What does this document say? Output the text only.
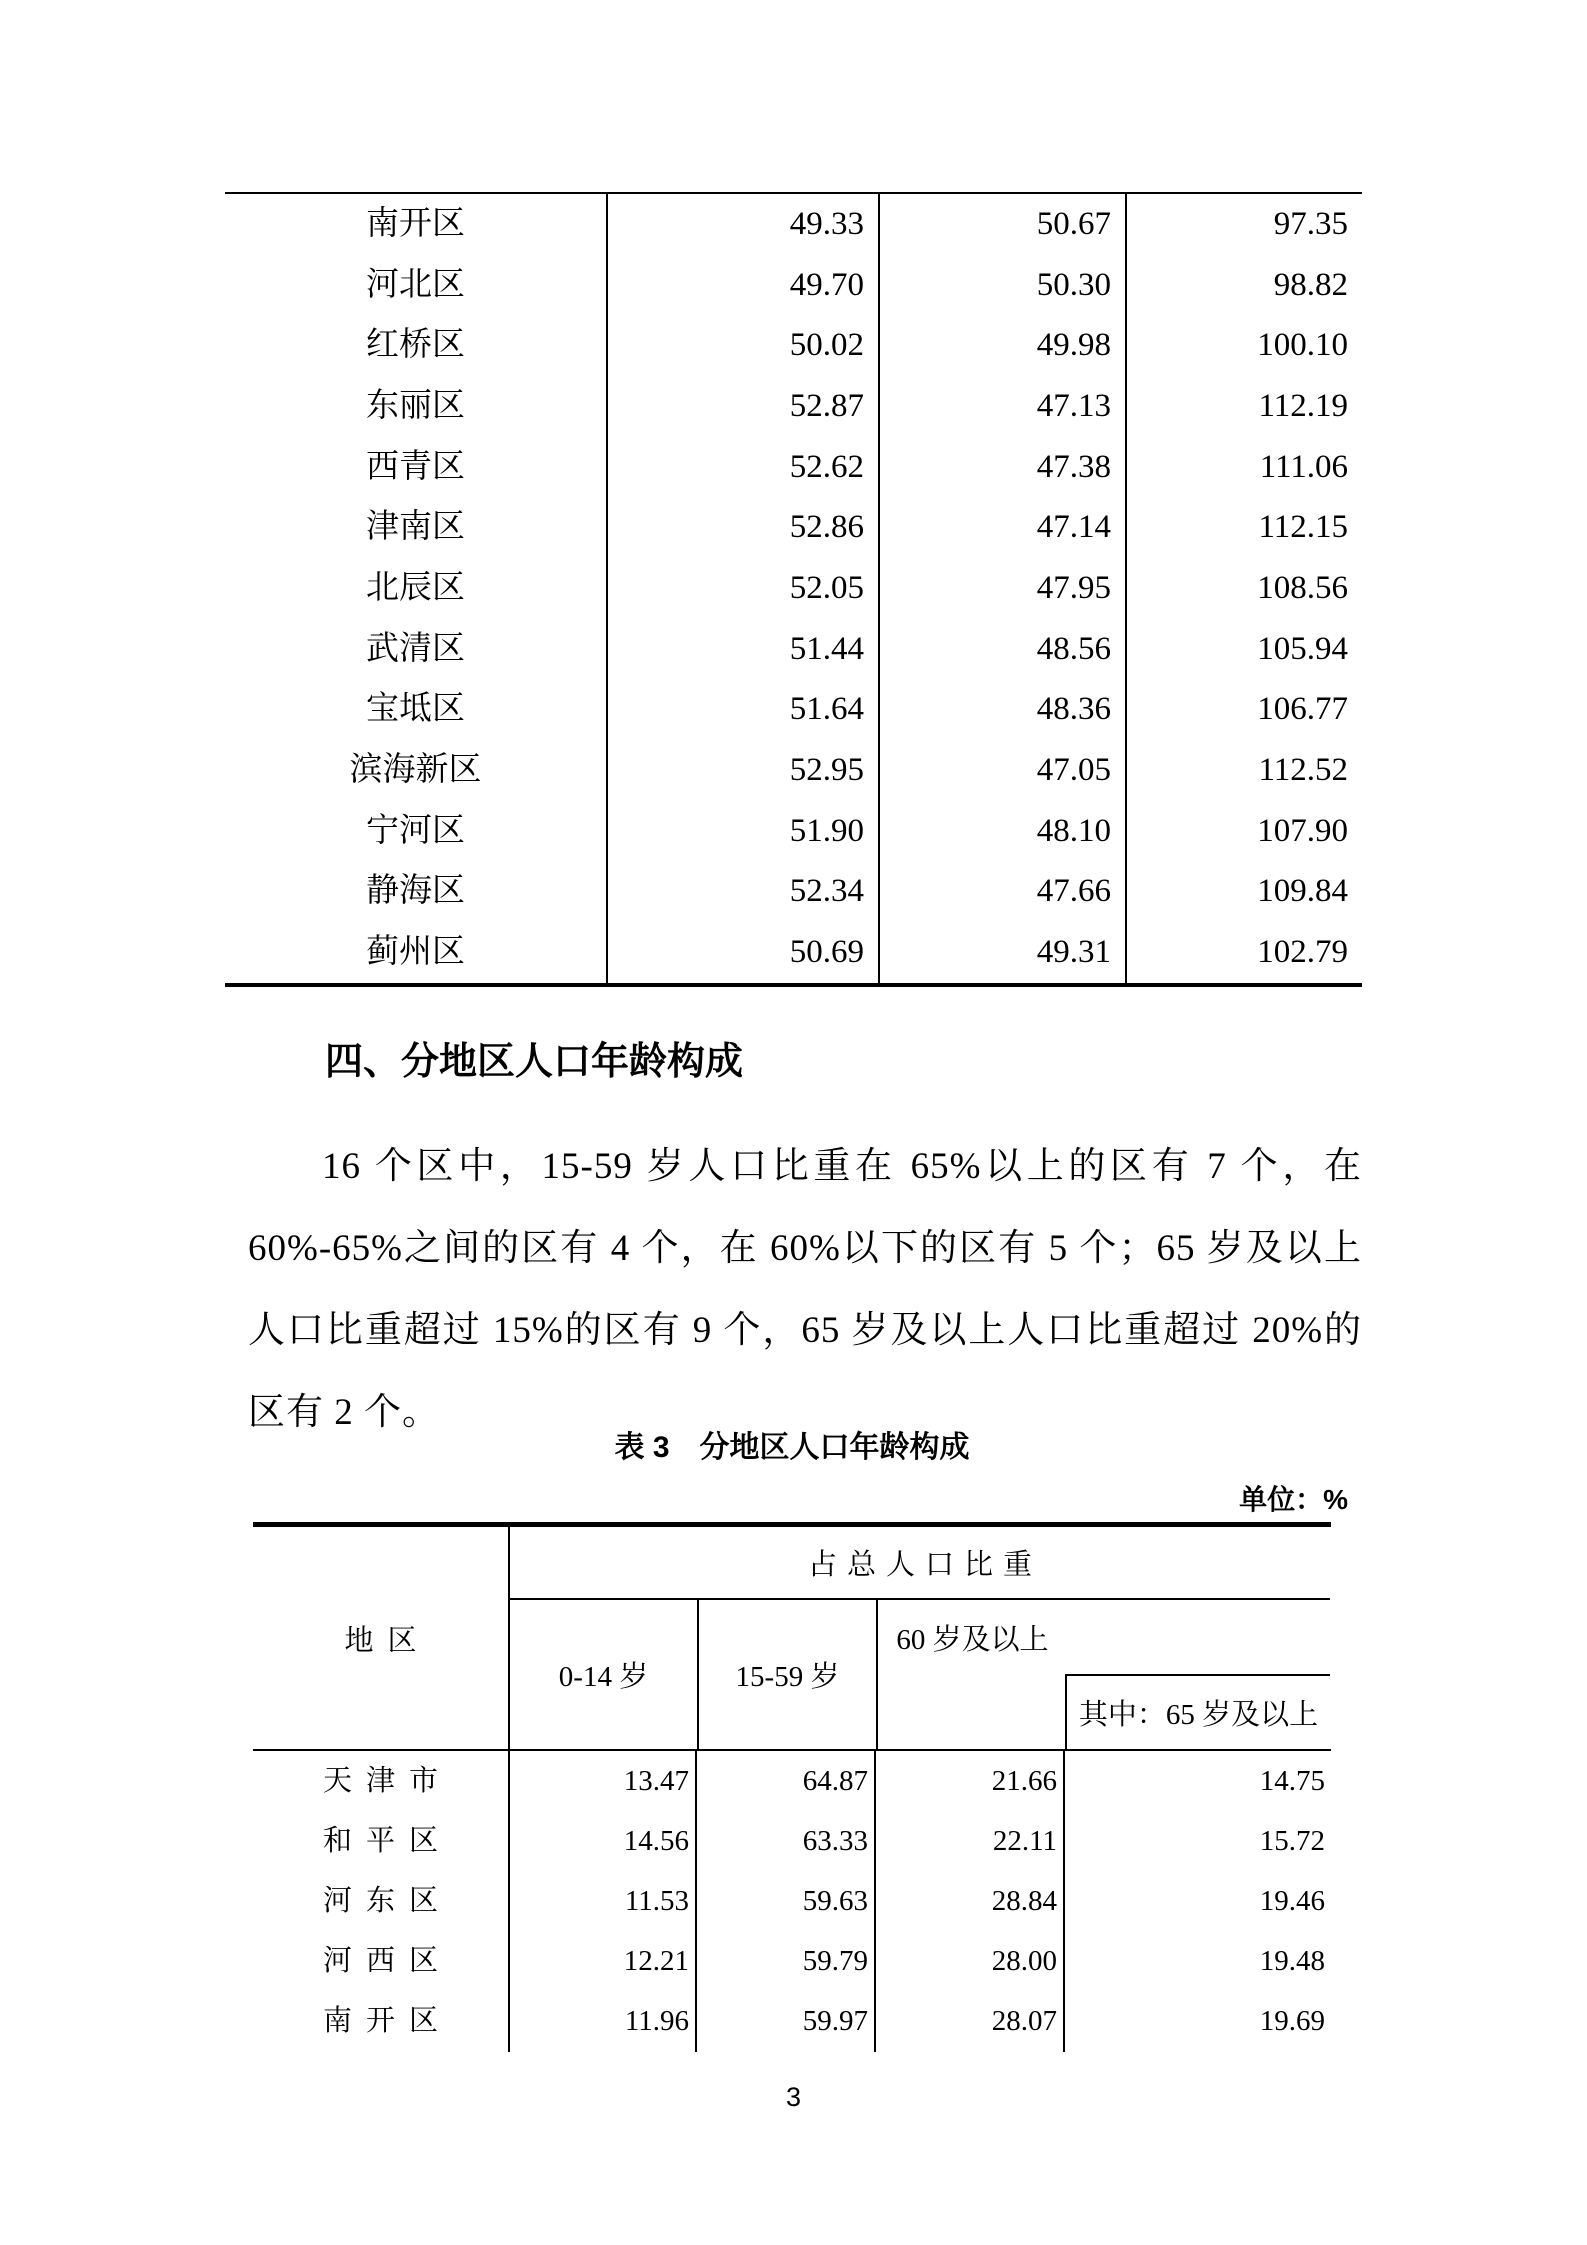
南开区	49.33	50.67	97.35
河北区	49.70	50.30	98.82
红桥区	50.02	49.98	100.10
东丽区	52.87	47.13	112.19
西青区	52.62	47.38	111.06
津南区	52.86	47.14	112.15
北辰区	52.05	47.95	108.56
武清区	51.44	48.56	105.94
宝坻区	51.64	48.36	106.77
滨海新区	52.95	47.05	112.52
宁河区	51.90	48.10	107.90
静海区	52.34	47.66	109.84
蓟州区	50.69	49.31	102.79
四、分地区人口年龄构成
16 个区中，15-59 岁人口比重在 65%以上的区有 7 个，在 60%-65%之间的区有 4 个，在 60%以下的区有 5 个；65 岁及以上人口比重超过 15%的区有 9 个，65 岁及以上人口比重超过 20%的区有 2 个。
表 3　分地区人口年龄构成
单位：%
地区
占总人口比重
0-14 岁	15-59 岁
60 岁及以上
其中：65 岁及以上
天津市	13.47	64.87	21.66	14.75
和平区	14.56	63.33	22.11	15.72
河东区	11.53	59.63	28.84	19.46
河西区	12.21	59.79	28.00	19.48
南开区	11.96	59.97	28.07	19.69
3
